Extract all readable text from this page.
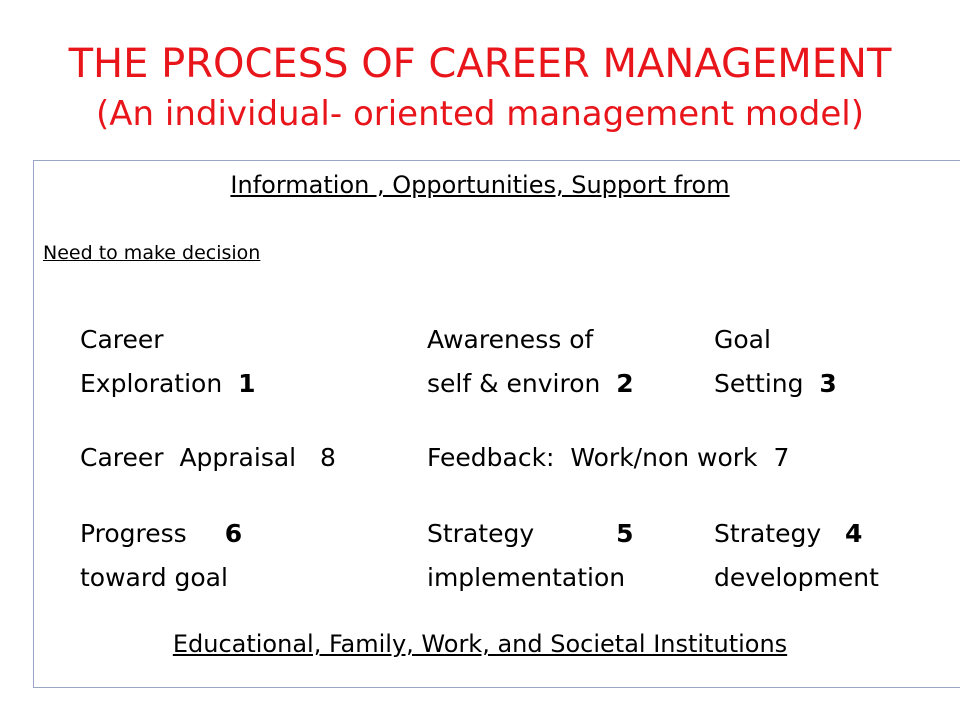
THE PROCESS OF CAREER MANAGEMENT
(An individual- oriented management model)
Information , Opportunities, Support from
Need to make decision
Career
Exploration 1
Awareness of
self & environ 2
Goal
Setting 3
Career  Appraisal 8	Feedback:  Work/non work 7
Progress 6
toward goal
Strategy	5
implementation
Strategy 4
development
Educational, Family, Work, and Societal Institutions
